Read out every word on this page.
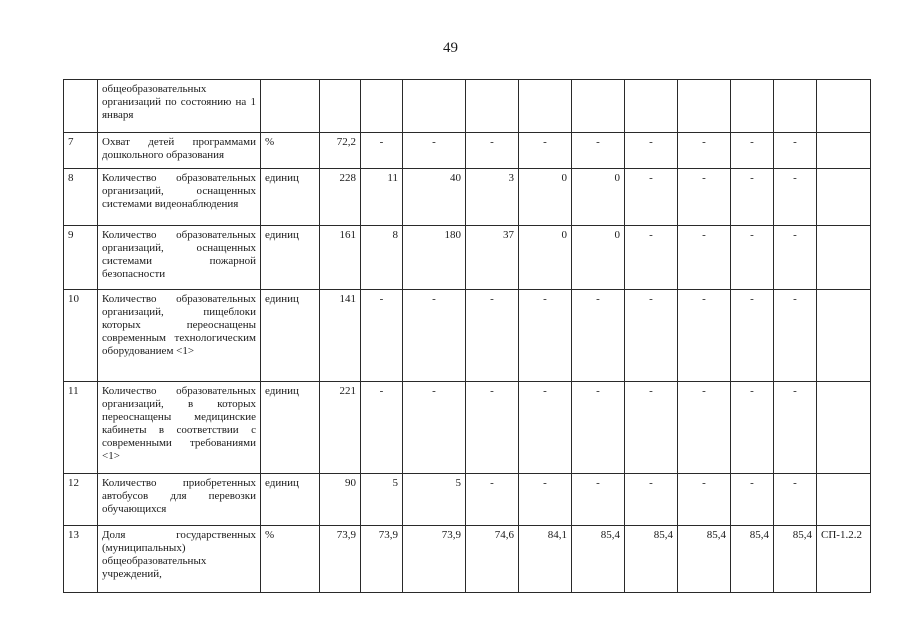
49
	общеобразовательных организаций по состоянию на 1 января												
7	Охват детей программами дошкольного образования	%	72,2	-	-	-	-	-	-	-	-	-	
8	Количество образовательных организаций, оснащенных системами видеонаблюдения	единиц	228	11	40	3	0	0	-	-	-	-	
9	Количество образовательных организаций, оснащенных системами пожарной безопасности	единиц	161	8	180	37	0	0	-	-	-	-	
10	Количество образовательных организаций, пищеблоки которых переоснащены современным технологическим оборудованием <1>	единиц	141	-	-	-	-	-	-	-	-	-	
11	Количество образовательных организаций, в которых переоснащены медицинские кабинеты в соответствии с современными требованиями <1>	единиц	221	-	-	-	-	-	-	-	-	-	
12	Количество приобретенных автобусов для перевозки обучающихся	единиц	90	5	5	-	-	-	-	-	-	-	
13	Доля государственных (муниципальных) общеобразовательных учреждений,	%	73,9	73,9	73,9	74,6	84,1	85,4	85,4	85,4	85,4	85,4	СП-1.2.2
